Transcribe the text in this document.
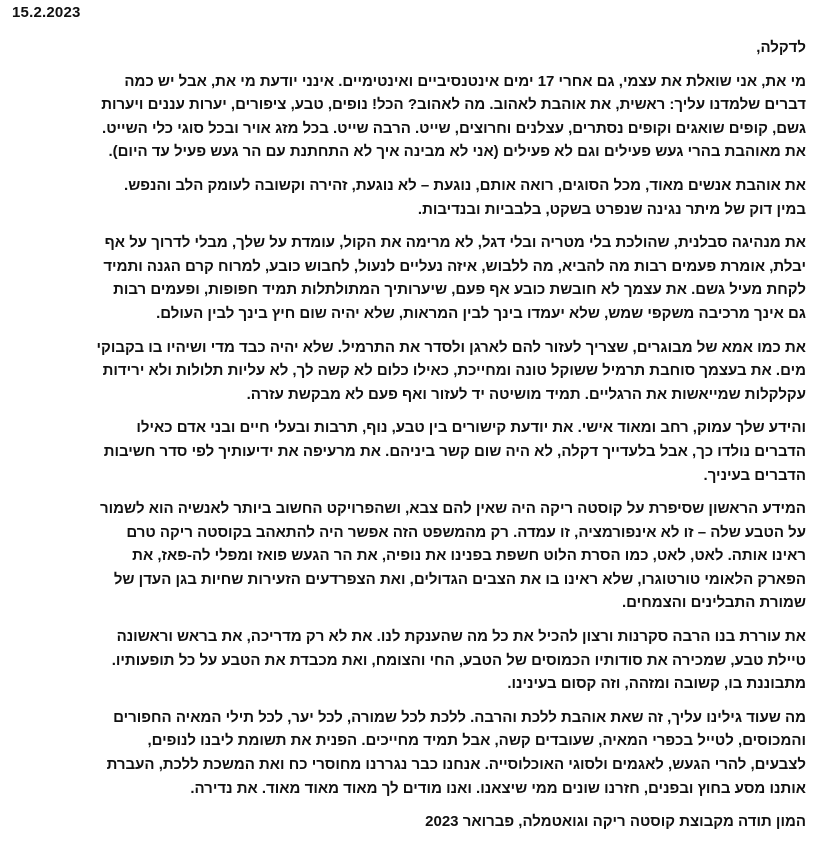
15.2.2023
לדקלה,
מי את, אני שואלת את עצמי, גם אחרי 17 ימים אינטנסיביים ואינטימיים. אינני יודעת מי את, אבל יש כמה
דברים שלמדנו עליך: ראשית, את אוהבת לאהוב. מה לאהוב? הכל! נופים, טבע, ציפורים, יערות עננים ויערות
גשם, קופים שואגים וקופים נסתרים, עצלנים וחרוצים, שייט. הרבה שייט. בכל מזג אויר ובכל סוגי כלי השייט.
את מאוהבת בהרי געש פעילים וגם לא פעילים (אני לא מבינה איך לא התחתנת עם הר געש פעיל עד היום).
את אוהבת אנשים מאוד, מכל הסוגים, רואה אותם, נוגעת – לא נוגעת, זהירה וקשובה לעומק הלב והנפש.
במין דוק של מיתר נגינה שנפרט בשקט, בלבביות ובנדיבות.
את מנהיגה סבלנית, שהולכת בלי מטריה ובלי דגל, לא מרימה את הקול, עומדת על שלך, מבלי לדרוך על אף
יבלת, אומרת פעמים רבות מה להביא, מה ללבוש, איזה נעליים לנעול, לחבוש כובע, למרוח קרם הגנה ותמיד
לקחת מעיל גשם. את עצמך לא חובשת כובע אף פעם, שיערותיך המתולתלות תמיד חפופות, ופעמים רבות
גם אינך מרכיבה משקפי שמש, שלא יעמדו בינך לבין המראות, שלא יהיה שום חיץ בינך לבין העולם.
את כמו אמא של מבוגרים, שצריך לעזור להם לארגן ולסדר את התרמיל. שלא יהיה כבד מדי ושיהיו בו בקבוקי
מים. את בעצמך סוחבת תרמיל ששוקל טונה ומחייכת, כאילו כלום לא קשה לך, לא עליות תלולות ולא ירידות
עקלקלות שמייאשות את הרגליים. תמיד מושיטה יד לעזור ואף פעם לא מבקשת עזרה.
והידע שלך עמוק, רחב ומאוד אישי. את יודעת קישורים בין טבע, נוף, תרבות ובעלי חיים ובני אדם כאילו
הדברים נולדו כך, אבל בלעדייך דקלה, לא היה שום קשר ביניהם. את מרעיפה את ידיעותיך לפי סדר חשיבות
הדברים בעיניך.
המידע הראשון שסיפרת על קוסטה ריקה היה שאין להם צבא, ושהפרויקט החשוב ביותר לאנשיה הוא לשמור
על הטבע שלה – זו לא אינפורמציה, זו עמדה. רק מהמשפט הזה אפשר היה להתאהב בקוסטה ריקה טרם
ראינו אותה. לאט, לאט, כמו הסרת הלוט חשפת בפנינו את נופיה, את הר הגעש פואז ומפלי לה-פאז, את
הפארק הלאומי טורטוגרו, שלא ראינו בו את הצבים הגדולים, ואת הצפרדעים הזעירות שחיות בגן העדן של
שמורת התבלינים והצמחים.
את עוררת בנו הרבה סקרנות ורצון להכיל את כל מה שהענקת לנו. את לא רק מדריכה, את בראש וראשונה
טיילת טבע, שמכירה את סודותיו הכמוסים של הטבע, החי והצומח, ואת מכבדת את הטבע על כל תופעותיו.
מתבוננת בו, קשובה ומזהה, וזה קסום בעינינו.
מה שעוד גילינו עליך, זה שאת אוהבת ללכת והרבה. ללכת לכל שמורה, לכל יער, לכל תילי המאיה החפורים
והמכוסים, לטייל בכפרי המאיה, שעובדים קשה, אבל תמיד מחייכים. הפנית את תשומת ליבנו לנופים,
לצבעים, להרי הגעש, לאגמים ולסוגי האוכלוסייה. אנחנו כבר נגררנו מחוסרי כח ואת המשכת ללכת, העברת
אותנו מסע בחוץ ובפנים, חזרנו שונים ממי שיצאנו. ואנו מודים לך מאוד מאוד מאוד. את נדירה.
המון תודה מקבוצת קוסטה ריקה וגואטמלה, פברואר 2023
